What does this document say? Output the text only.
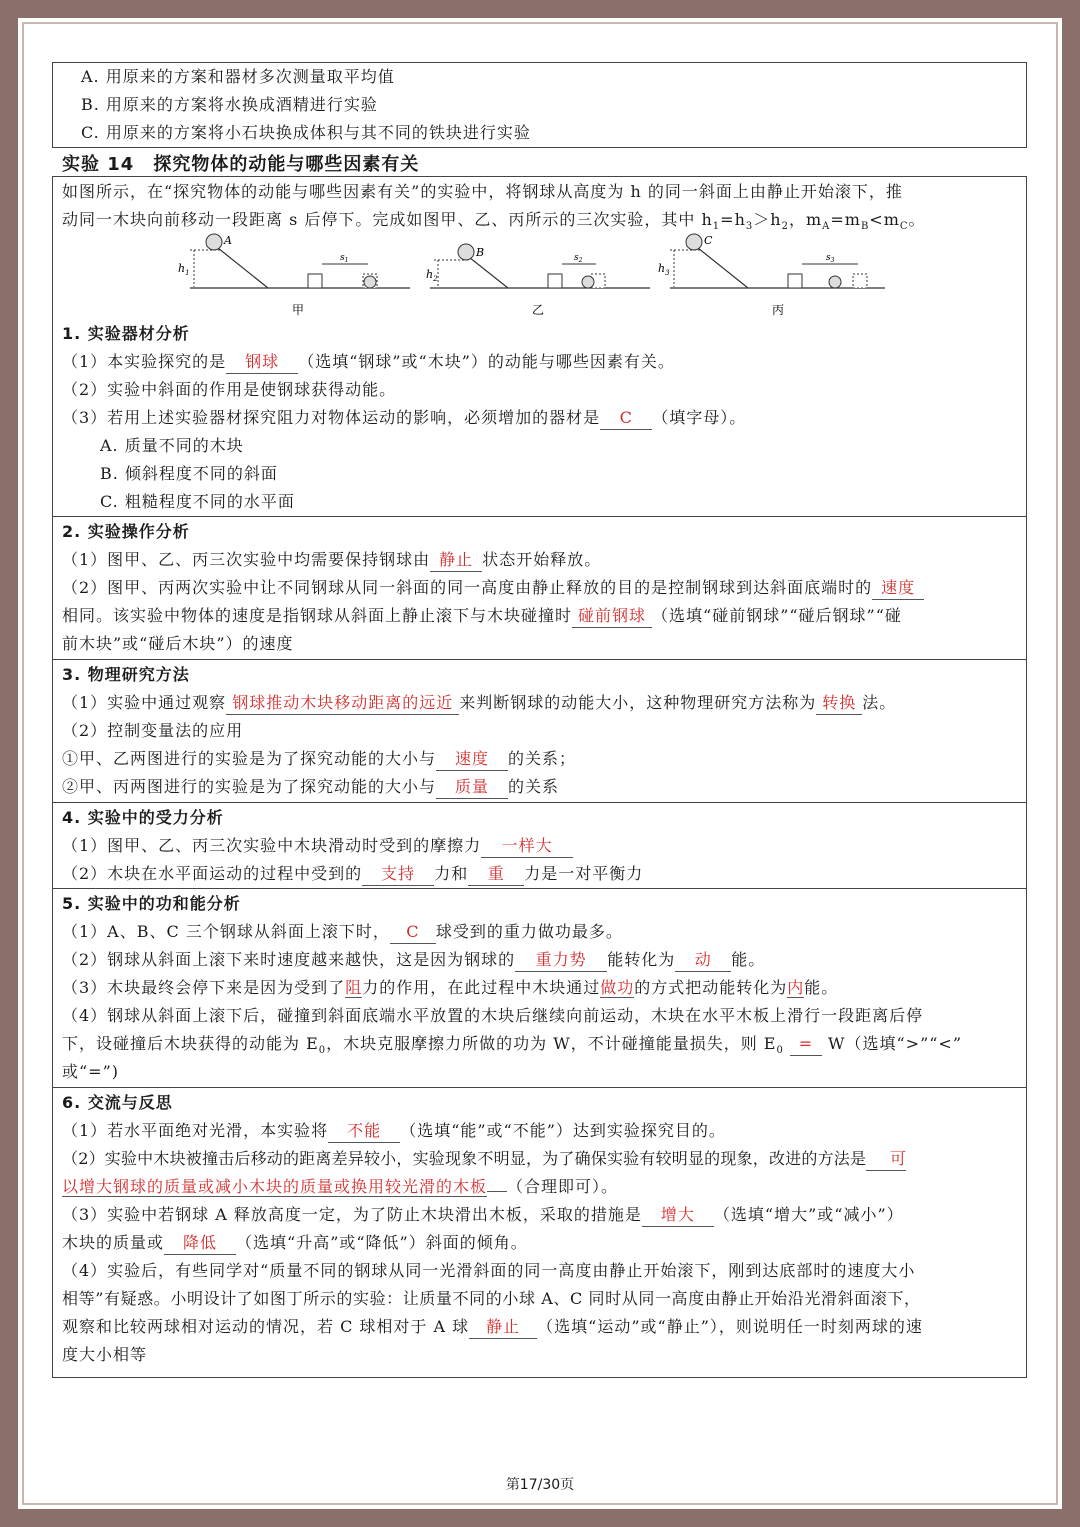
A. 用原来的方案和器材多次测量取平均值
B. 用原来的方案将水换成酒精进行实验
C. 用原来的方案将小石块换成体积与其不同的铁块进行实验
实验 14　探究物体的动能与哪些因素有关
如图所示，在“探究物体的动能与哪些因素有关”的实验中，将钢球从高度为 h 的同一斜面上由静止开始滚下，推
动同一木块向前移动一段距离 s 后停下。完成如图甲、乙、丙所示的三次实验，其中 $h_1=h_3>h_2$，$m_A=m_B<m_C$。
A
$h_1$
$s_1$
甲
B
$h_2$
$s_2$
乙
C
$h_3$
$s_3$
丙
1. 实验器材分析
（1）本实验探究的是 钢球 （选填“钢球”或“木块”）的动能与哪些因素有关。
（2）实验中斜面的作用是使钢球获得动能。
（3）若用上述实验器材探究阻力对物体运动的影响，必须增加的器材是 C （填字母）。
A. 质量不同的木块
B. 倾斜程度不同的斜面
C. 粗糙程度不同的水平面
2. 实验操作分析
（1）图甲、乙、丙三次实验中均需要保持钢球由 静止 状态开始释放。
（2）图甲、丙两次实验中让不同钢球从同一斜面的同一高度由静止释放的目的是控制钢球到达斜面底端时的 速度
相同。该实验中物体的速度是指钢球从斜面上静止滚下与木块碰撞时 碰前钢球 （选填“碰前钢球”“碰后钢球”“碰
前木块”或“碰后木块”）的速度
3. 物理研究方法
（1）实验中通过观察 钢球推动木块移动距离的远近 来判断钢球的动能大小，这种物理研究方法称为 转换 法。
（2）控制变量法的应用
①甲、乙两图进行的实验是为了探究动能的大小与 速度 的关系；
②甲、丙两图进行的实验是为了探究动能的大小与 质量 的关系
4. 实验中的受力分析
（1）图甲、乙、丙三次实验中木块滑动时受到的摩擦力 一样大
（2）木块在水平面运动的过程中受到的 支持 力和 重 力是一对平衡力
5. 实验中的功和能分析
（1）A、B、C 三个钢球从斜面上滚下时， C 球受到的重力做功最多。
（2）钢球从斜面上滚下来时速度越来越快，这是因为钢球的 重力势 能转化为 动 能。
（3）木块最终会停下来是因为受到了阻力的作用，在此过程中木块通过做功的方式把动能转化为内能。
（4）钢球从斜面上滚下后，碰撞到斜面底端水平放置的木块后继续向前运动，木块在水平木板上滑行一段距离后停
下，设碰撞后木块获得的动能为 $E_0$，木块克服摩擦力所做的功为 W，不计碰撞能量损失，则 $E_0 = W$（选填“>”“<”
或“=”)
6. 交流与反思
（1）若水平面绝对光滑，本实验将 不能 （选填“能”或“不能”）达到实验探究目的。
（2）实验中木块被撞击后移动的距离差异较小，实验现象不明显，为了确保实验有较明显的现象，改进的方法是 可
以增大钢球的质量或减小木块的质量或换用较光滑的木板 （合理即可）。
（3）实验中若钢球 A 释放高度一定，为了防止木块滑出木板，采取的措施是 增大 （选填“增大”或“减小”）
木块的质量或 降低 （选填“升高”或“降低”）斜面的倾角。
（4）实验后，有些同学对“质量不同的钢球从同一光滑斜面的同一高度由静止开始滚下，刚到达底部时的速度大小
相等”有疑惑。小明设计了如图丁所示的实验：让质量不同的小球 A、C 同时从同一高度由静止开始沿光滑斜面滚下，
观察和比较两球相对运动的情况，若 C 球相对于 A 球 静止 （选填“运动”或“静止”），则说明任一时刻两球的速
度大小相等
第17/30页
